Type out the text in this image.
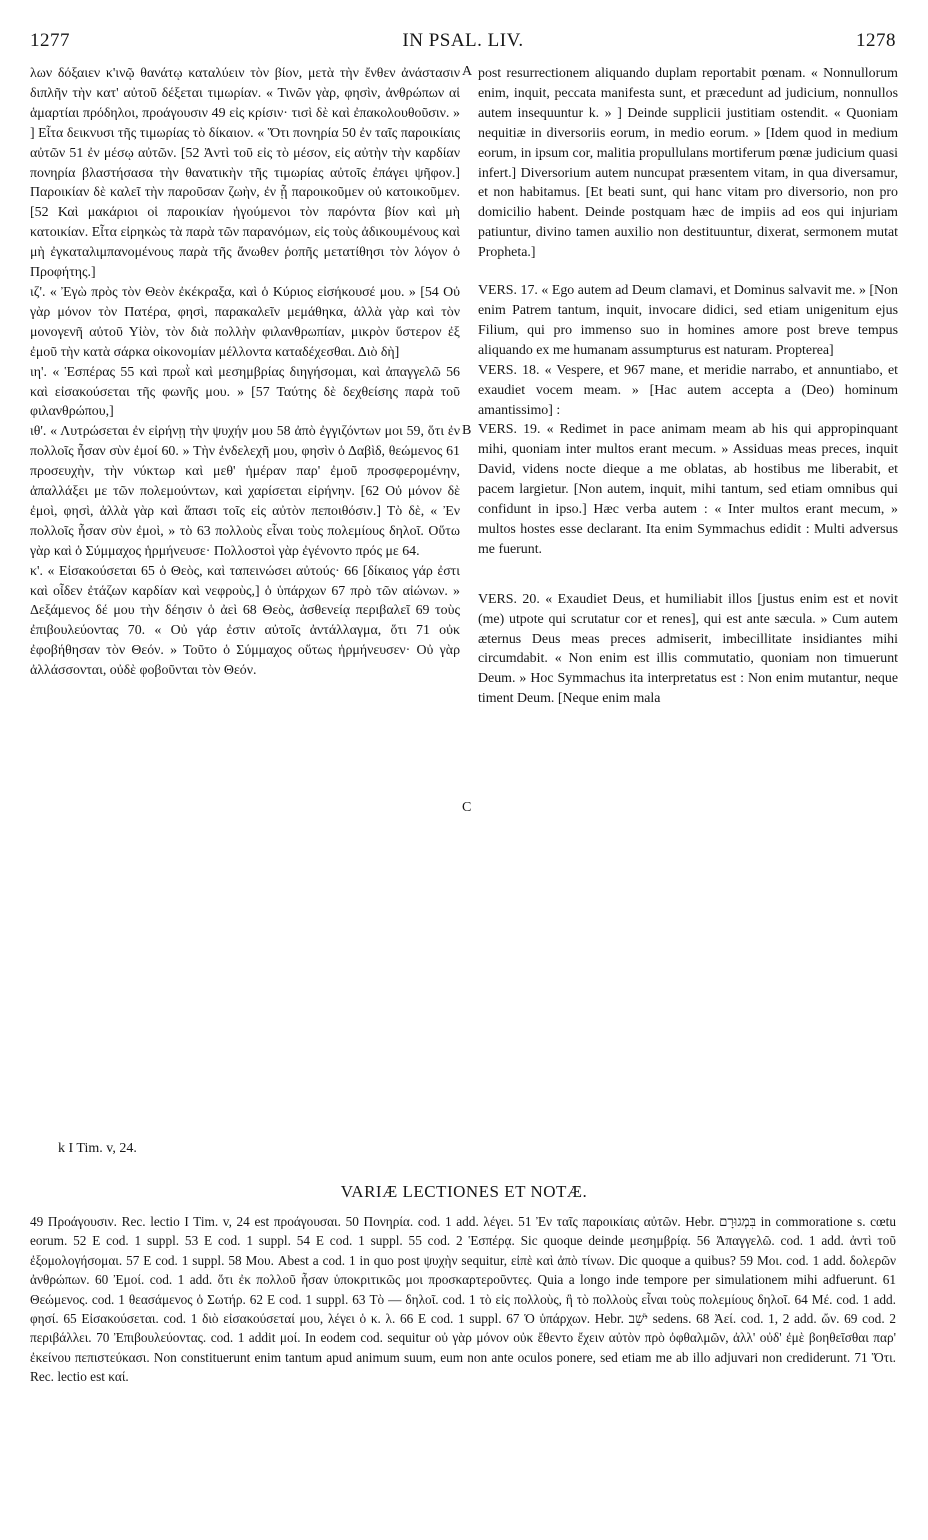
1277	IN PSAL. LIV.	1278
A
B
C

λων δόξαιεν κ'ινῷ θανάτῳ καταλύειν τὸν βίον, μετὰ τὴν ἔνθεν ἀνάστασιν διπλῆν τὴν κατ' αὐτοῦ δέξεται τιμωρίαν. « Τινῶν γὰρ, φησὶν, ἀνθρώπων αἱ ἁμαρτίαι πρόδηλοι, προάγουσιν 49 εἰς κρίσιν· τισὶ δὲ καὶ ἐπακολουθοῦσιν. » ] Εἶτα δεικνυσι τῆς τιμωρίας τὸ δίκαιον. « Ὅτι πονηρία 50 ἐν ταῖς παροικίαις αὐτῶν 51 ἐν μέσῳ αὐτῶν. [52 Ἀντὶ τοῦ εἰς τὸ μέσον, εἰς αὐτὴν τὴν καρδίαν πονηρία βλαστήσασα τὴν θανατικὴν τῆς τιμωρίας αὐτοῖς ἐπάγει ψῆφον.] Παροικίαν δὲ καλεῖ τὴν παροῦσαν ζωὴν, ἐν ᾗ παροικοῦμεν οὐ κατοικοῦμεν. [52 Καὶ μακάριοι οἱ παροικίαν ἡγούμενοι τὸν παρόντα βίον καὶ μὴ κατοικίαν. Εἶτα εἰρηκὼς τὰ παρὰ τῶν παρανόμων, εἰς τοὺς ἀδικουμένους καὶ μὴ ἐγκαταλιμπανομένους παρὰ τῆς ἄνωθεν ῥοπῆς μετατίθησι τὸν λόγον ὁ Προφήτης.]

ιζ'. « Ἐγὼ πρὸς τὸν Θεὸν ἐκέκραξα, καὶ ὁ Κύριος εἰσήκουσέ μου. » [54 Οὐ γὰρ μόνον τὸν Πατέρα, φησὶ, παρακαλεῖν μεμάθηκα, ἀλλὰ γὰρ καὶ τὸν μονογενῆ αὐτοῦ Υἱὸν, τὸν διὰ πολλὴν φιλανθρωπίαν, μικρὸν ὕστερον ἐξ ἐμοῦ τὴν κατὰ σάρκα οἰκονομίαν μέλλοντα καταδέχεσθαι. Διὸ δὴ]

ιη'. « Ἑσπέρας 55 καὶ πρωῒ καὶ μεσημβρίας διηγήσομαι, καὶ ἀπαγγελῶ 56 καὶ εἰσακούσεται τῆς φωνῆς μου. » [57 Ταύτης δὲ δεχθείσης παρὰ τοῦ φιλανθρώπου,]

ιθ'. « Λυτρώσεται ἐν εἰρήνῃ τὴν ψυχήν μου 58 ἀπὸ ἐγγιζόντων μοι 59, ὅτι ἐν πολλοῖς ἦσαν σὺν ἐμοί 60. » Τὴν ἐνδελεχῆ μου, φησὶν ὁ Δαβὶδ, θεώμενος 61 προσευχὴν, τὴν νύκτωρ καὶ μεθ' ἡμέραν παρ' ἐμοῦ προσφερομένην, ἀπαλλάξει με τῶν πολεμούντων, καὶ χαρίσεται εἰρήνην. [62 Οὐ μόνον δὲ ἐμοὶ, φησὶ, ἀλλὰ γὰρ καὶ ἅπασι τοῖς εἰς αὐτὸν πεποιθόσιν.] Τὸ δὲ, « Ἐν πολλοῖς ἦσαν σὺν ἐμοὶ, » τὸ 63 πολλοὺς εἶναι τοὺς πολεμίους δηλοῖ. Οὕτω γὰρ καὶ ὁ Σύμμαχος ἡρμήνευσε· Πολλοστοὶ γὰρ ἐγένοντο πρός με 64.

κ'. « Εἰσακούσεται 65 ὁ Θεὸς, καὶ ταπεινώσει αὐτούς· 66 [δίκαιος γάρ ἐστι καὶ οἶδεν ἐτάζων καρδίαν καὶ νεφροὺς,] ὁ ὑπάρχων 67 πρὸ τῶν αἰώνων. » Δεξάμενος δέ μου τὴν δέησιν ὁ ἀεὶ 68 Θεὸς, ἀσθενείᾳ περιβαλεῖ 69 τοὺς ἐπιβουλεύοντας 70. « Οὐ γάρ ἐστιν αὐτοῖς ἀντάλλαγμα, ὅτι 71 οὐκ ἐφοβήθησαν τὸν Θεόν. » Τοῦτο ὁ Σύμμαχος οὕτως ἡρμήνευσεν· Οὐ γὰρ ἀλλάσσονται, οὐδὲ φοβοῦνται τὸν Θεόν.

post resurrectionem aliquando duplam reportabit pœnam. « Nonnullorum enim, inquit, peccata manifesta sunt, et præcedunt ad judicium, nonnullos autem insequuntur k. » ] Deinde supplicii justitiam ostendit. « Quoniam nequitiæ in diversoriis eorum, in medio eorum. » [Idem quod in medium eorum, in ipsum cor, malitia propullulans mortiferum pœnæ judicium quasi infert.] Diversorium autem nuncupat præsentem vitam, in qua diversamur, et non habitamus. [Et beati sunt, qui hanc vitam pro diversorio, non pro domicilio habent. Deinde postquam hæc de impiis ad eos qui injuriam patiuntur, divino tamen auxilio non destituuntur, dixerat, sermonem mutat Propheta.]

VERS. 17. « Ego autem ad Deum clamavi, et Dominus salvavit me. » [Non enim Patrem tantum, inquit, invocare didici, sed etiam unigenitum ejus Filium, qui pro immenso suo in homines amore post breve tempus aliquando ex me humanam assumpturus est naturam. Propterea]

VERS. 18. « Vespere, et 967 mane, et meridie narrabo, et annuntiabo, et exaudiet vocem meam. » [Hac autem accepta a (Deo) hominum amantissimo] :

VERS. 19. « Redimet in pace animam meam ab his qui appropinquant mihi, quoniam inter multos erant mecum. » Assiduas meas preces, inquit David, videns nocte dieque a me oblatas, ab hostibus me liberabit, et pacem largietur. [Non autem, inquit, mihi tantum, sed etiam omnibus qui confidunt in ipso.] Hæc verba autem : « Inter multos erant mecum, » multos hostes esse declarant. Ita enim Symmachus edidit : Multi adversus me fuerunt.

VERS. 20. « Exaudiet Deus, et humiliabit illos [justus enim est et novit (me) utpote qui scrutatur cor et renes], qui est ante sæcula. » Cum autem æternus Deus meas preces admiserit, imbecillitate insidiantes mihi circumdabit. « Non enim est illis commutatio, quoniam non timuerunt Deum. » Hoc Symmachus ita interpretatus est : Non enim mutantur, neque timent Deum. [Neque enim mala

k I Tim. v, 24.
VARIÆ LECTIONES ET NOTÆ.
49 Προάγουσιν. Rec. lectio I Tim. v, 24 est προάγουσαι. 50 Πονηρία. cod. 1 add. λέγει. 51 Ἐν ταῖς παροικίαις αὐτῶν. Hebr. בִּמְגוּרָם in commoratione s. cœtu eorum. 52 E cod. 1 suppl. 53 E cod. 1 suppl. 54 E cod. 1 suppl. 55 cod. 2 Ἑσπέρᾳ. Sic quoque deinde μεσημβρίᾳ. 56 Ἀπαγγελῶ. cod. 1 add. ἀντὶ τοῦ ἐξομολογήσομαι. 57 E cod. 1 suppl. 58 Μου. Abest a cod. 1 in quo post ψυχὴν sequitur, εἰπὲ καὶ ἀπὸ τίνων. Dic quoque a quibus? 59 Μοι. cod. 1 add. δολερῶν ἀνθρώπων. 60 Ἐμοί. cod. 1 add. ὅτι ἐκ πολλοῦ ἦσαν ὑποκριτικῶς μοι προσκαρτεροῦντες. Quia a longo inde tempore per simulationem mihi adfuerunt. 61 Θεώμενος. cod. 1 θεασάμενος ὁ Σωτήρ. 62 E cod. 1 suppl. 63 Τὸ — δηλοῖ. cod. 1 τὸ εἰς πολλοὺς, ἢ τὸ πολλοὺς εἶναι τοὺς πολεμίους δηλοῖ. 64 Μέ. cod. 1 add. φησί. 65 Εἰσακούσεται. cod. 1 διὸ εἰσακούσεταί μου, λέγει ὁ κ. λ. 66 E cod. 1 suppl. 67 Ὁ ὑπάρχων. Hebr. יֹשֵׁב sedens. 68 Ἀεί. cod. 1, 2 add. ὤν. 69 cod. 2 περιβάλλει. 70 Ἐπιβουλεύοντας. cod. 1 addit μοί. In eodem cod. sequitur οὐ γὰρ μόνον οὐκ ἔθεντο ἔχειν αὐτὸν πρὸ ὀφθαλμῶν, ἀλλ' οὐδ' ἐμὲ βοηθεῖσθαι παρ' ἐκείνου πεπιστεύκασι. Non constituerunt enim tantum apud animum suum, eum non ante oculos ponere, sed etiam me ab illo adjuvari non crediderunt. 71 Ὅτι. Rec. lectio est καί.
